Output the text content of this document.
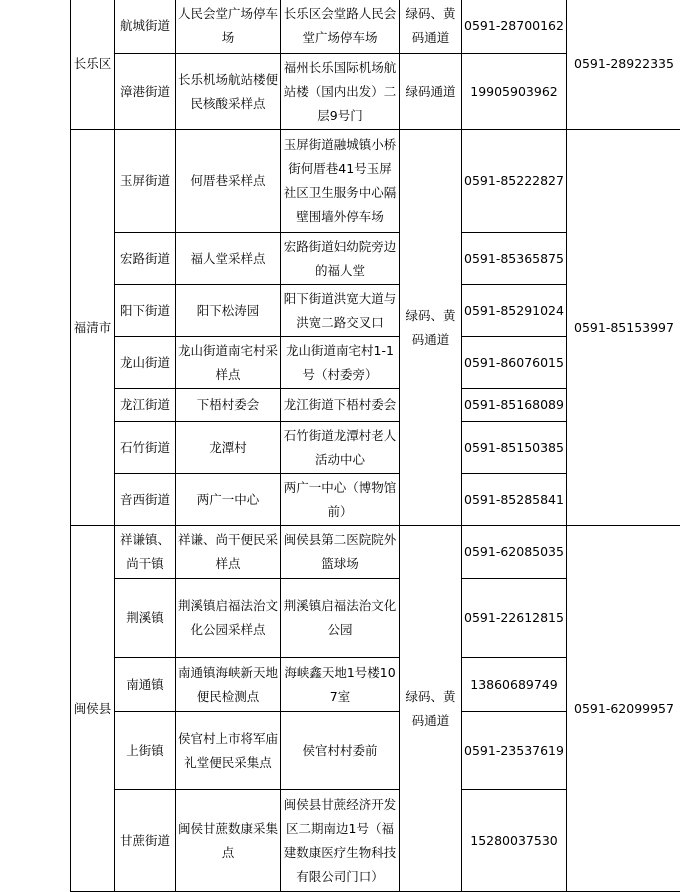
长乐区	航城街道	人民会堂广场停车场	长乐区会堂路人民会堂广场停车场	绿码、黄码通道	0591-28700162	0591-28922335
	漳港街道	长乐机场航站楼便民核酸采样点	福州长乐国际机场航站楼（国内出发）二层9号门	绿码通道	19905903962	
福清市	玉屏街道	何厝巷采样点	玉屏街道融城镇小桥街何厝巷41号玉屏社区卫生服务中心隔壁围墙外停车场	绿码、黄码通道	0591-85222827	0591-85153997
	宏路街道	福人堂采样点	宏路街道妇幼院旁边的福人堂		0591-85365875	
	阳下街道	阳下松涛园	阳下街道洪宽大道与洪宽二路交叉口		0591-85291024	
	龙山街道	龙山街道南宅村采样点	龙山街道南宅村1-1号（村委旁）		0591-86076015	
	龙江街道	下梧村委会	龙江街道下梧村委会		0591-85168089	
	石竹街道	龙潭村	石竹街道龙潭村老人活动中心		0591-85150385	
	音西街道	两广一中心	两广一中心（博物馆前）		0591-85285841	
闽侯县	祥谦镇、尚干镇	祥谦、尚干便民采样点	闽侯县第二医院院外篮球场	绿码、黄码通道	0591-62085035	0591-62099957
	荆溪镇	荆溪镇启福法治文化公园采样点	荆溪镇启福法治文化公园		0591-22612815	
	南通镇	南通镇海峡新天地便民检测点	海峡鑫天地1号楼107室		13860689749	
	上街镇	侯官村上市将军庙礼堂便民采集点	侯官村村委前		0591-23537619	
	甘蔗街道	闽侯甘蔗数康采集点	闽侯县甘蔗经济开发区二期南边1号（福建数康医疗生物科技有限公司门口）		15280037530	
